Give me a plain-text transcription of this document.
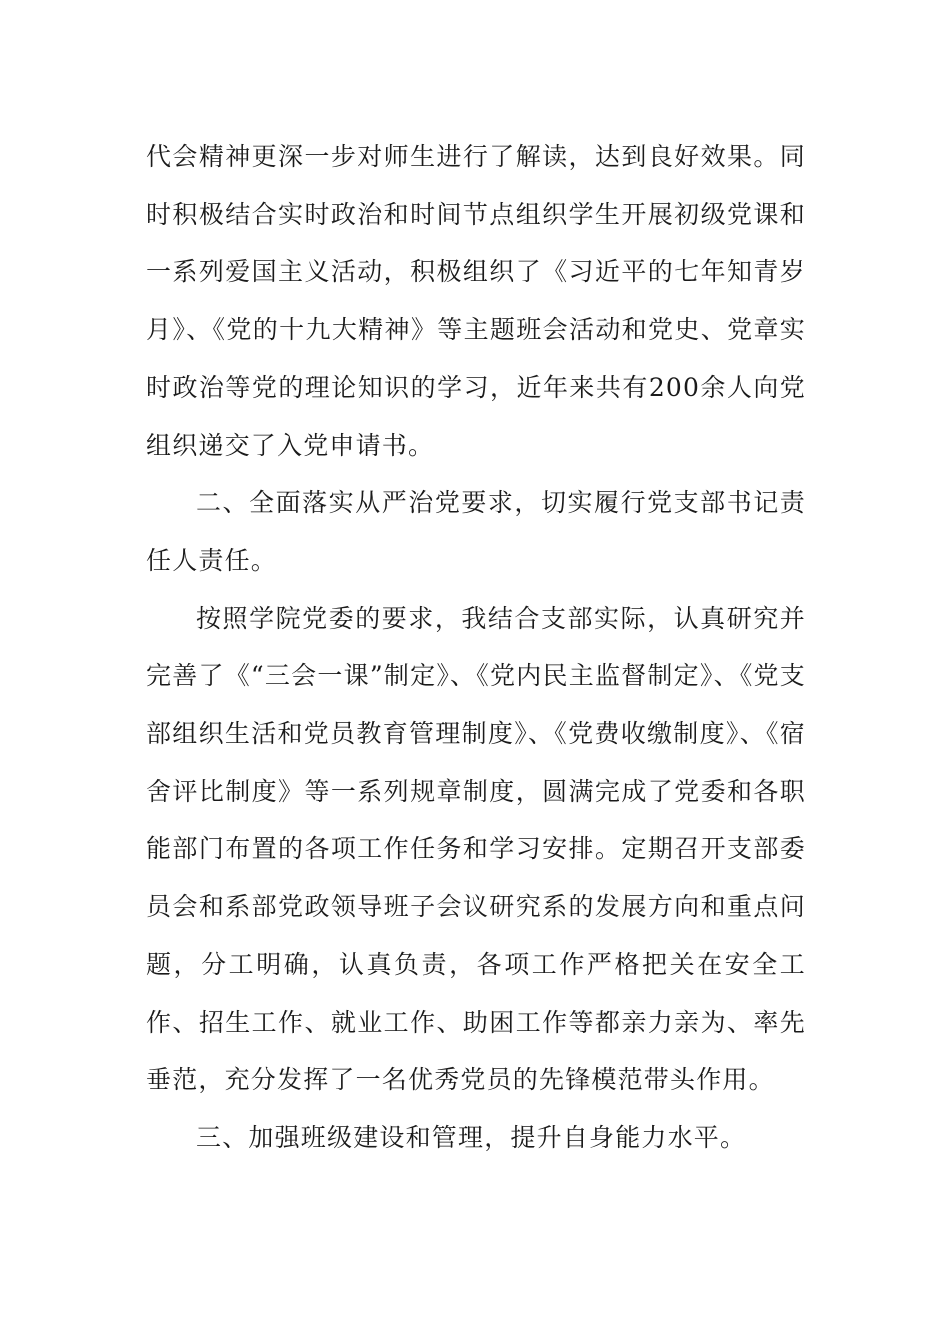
代会精神更深一步对师生进行了解读，达到良好效果。同时积极结合实时政治和时间节点组织学生开展初级党课和一系列爱国主义活动，积极组织了《习近平的七年知青岁月》、《党的十九大精神》等主题班会活动和党史、党章实时政治等党的理论知识的学习，近年来共有200余人向党组织递交了入党申请书。

二、全面落实从严治党要求，切实履行党支部书记责任人责任。

按照学院党委的要求，我结合支部实际，认真研究并完善了《“三会一课”制定》、《党内民主监督制定》、《党支部组织生活和党员教育管理制度》、《党费收缴制度》、《宿舍评比制度》等一系列规章制度，圆满完成了党委和各职能部门布置的各项工作任务和学习安排。定期召开支部委员会和系部党政领导班子会议研究系的发展方向和重点问题，分工明确，认真负责，各项工作严格把关在安全工作、招生工作、就业工作、助困工作等都亲力亲为、率先垂范，充分发挥了一名优秀党员的先锋模范带头作用。

三、加强班级建设和管理，提升自身能力水平。
